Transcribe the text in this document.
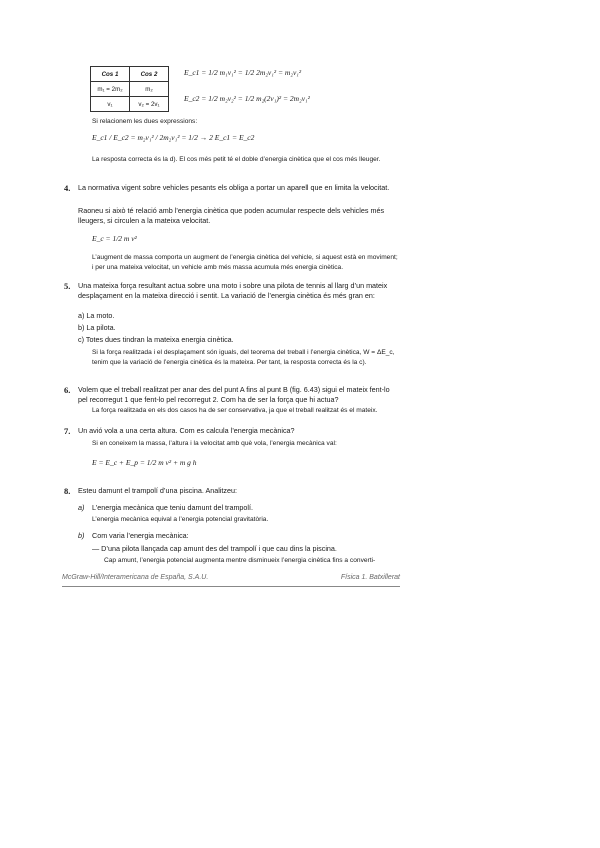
Cos 1	Cos 2
m₁ = 2m₂	m₂
v₁	v₂ = 2v₁
E_c1 = 1/2 m₁v₁² = 1/2 2m₂v₁² = m₂v₁²
E_c2 = 1/2 m₂v₂² = 1/2 m₂(2v₁)² = 2m₂v₁²
Si relacionem les dues expressions:
E_c1 / E_c2 = m₂v₁² / 2m₂v₁² = 1/2 → 2 E_c1 = E_c2
La resposta correcta és la d). El cos més petit té el doble d’energia cinètica que el cos més lleuger.
4. La normativa vigent sobre vehicles pesants els obliga a portar un aparell que en limita la velocitat.
Raoneu si això té relació amb l’energia cinètica que poden acumular respecte dels vehicles més lleugers, si circulen a la mateixa velocitat.
E_c = 1/2 m v²
L’augment de massa comporta un augment de l’energia cinètica del vehicle, si aquest està en moviment; i per una mateixa velocitat, un vehicle amb més massa acumula més energia cinètica.
5. Una mateixa força resultant actua sobre una moto i sobre una pilota de tennis al llarg d’un mateix desplaçament en la mateixa direcció i sentit. La variació de l’energia cinètica és més gran en:
a) La moto.
b) La pilota.
c) Totes dues tindran la mateixa energia cinètica.
Si la força realitzada i el desplaçament són iguals, del teorema del treball i l’energia cinètica, W = ΔE_c, tenim que la variació de l’energia cinètica és la mateixa. Per tant, la resposta correcta és la c).
6. Volem que el treball realitzat per anar des del punt A fins al punt B (fig. 6.43) sigui el mateix fent-lo pel recorregut 1 que fent-lo pel recorregut 2. Com ha de ser la força que hi actua?
La força realitzada en els dos casos ha de ser conservativa, ja que el treball realitzat és el mateix.
7. Un avió vola a una certa altura. Com es calcula l’energia mecànica?
Si en coneixem la massa, l’altura i la velocitat amb què vola, l’energia mecànica val:
E = E_c + E_p = 1/2 m v² + m g h
8. Esteu damunt el trampolí d’una piscina. Analitzeu:
a) L’energia mecànica que teniu damunt del trampolí.
L’energia mecànica equival a l’energia potencial gravitatòria.
b) Com varia l’energia mecànica:
— D’una pilota llançada cap amunt des del trampolí i que cau dins la piscina.
Cap amunt, l’energia potencial augmenta mentre disminueix l’energia cinètica fins a converti-
McGraw-Hill/Interamericana de España, S.A.U.	Física 1. Batxillerat
